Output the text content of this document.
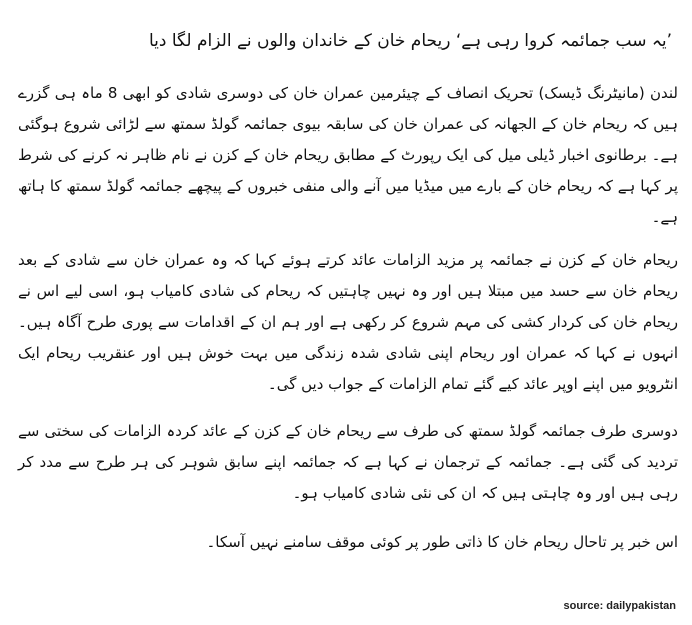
’یہ سب جمائمہ کروا رہی ہے‘ ریحام خان کے خاندان والوں نے الزام لگا دیا

لندن (مانیٹرنگ ڈیسک) تحریک انصاف کے چیئرمین عمران خان کی دوسری شادی کو ابھی 8 ماہ ہی گزرے ہیں کہ ریحام خان کے الجھانہ کی عمران خان کی سابقہ بیوی جمائمہ گولڈ سمتھ سے لڑائی شروع ہوگئی ہے۔ برطانوی اخبار ڈیلی میل کی ایک رپورٹ کے مطابق ریحام خان کے کزن نے نام ظاہر نہ کرنے کی شرط پر کہا ہے کہ ریحام خان کے بارے میں میڈیا میں آنے والی منفی خبروں کے پیچھے جمائمہ گولڈ سمتھ کا ہاتھ ہے۔

ریحام خان کے کزن نے جمائمہ پر مزید الزامات عائد کرتے ہوئے کہا کہ وہ عمران خان سے شادی کے بعد ریحام خان سے حسد میں مبتلا ہیں اور وہ نہیں چاہتیں کہ ریحام کی شادی کامیاب ہو، اسی لیے اس نے ریحام خان کی کردار کشی کی مہم شروع کر رکھی ہے اور ہم ان کے اقدامات سے پوری طرح آگاہ ہیں۔ انہوں نے کہا کہ عمران اور ریحام اپنی شادی شدہ زندگی میں بہت خوش ہیں اور عنقریب ریحام ایک انٹرویو میں اپنے اوپر عائد کیے گئے تمام الزامات کے جواب دیں گی۔

دوسری طرف جمائمہ گولڈ سمتھ کی طرف سے ریحام خان کے کزن کے عائد کردہ الزامات کی سختی سے تردید کی گئی ہے۔ جمائمہ کے ترجمان نے کہا ہے کہ جمائمہ اپنے سابق شوہر کی ہر طرح سے مدد کر رہی ہیں اور وہ چاہتی ہیں کہ ان کی نئی شادی کامیاب ہو۔

اس خبر پر تاحال ریحام خان کا ذاتی طور پر کوئی موقف سامنے نہیں آسکا۔

source: dailypakistan
